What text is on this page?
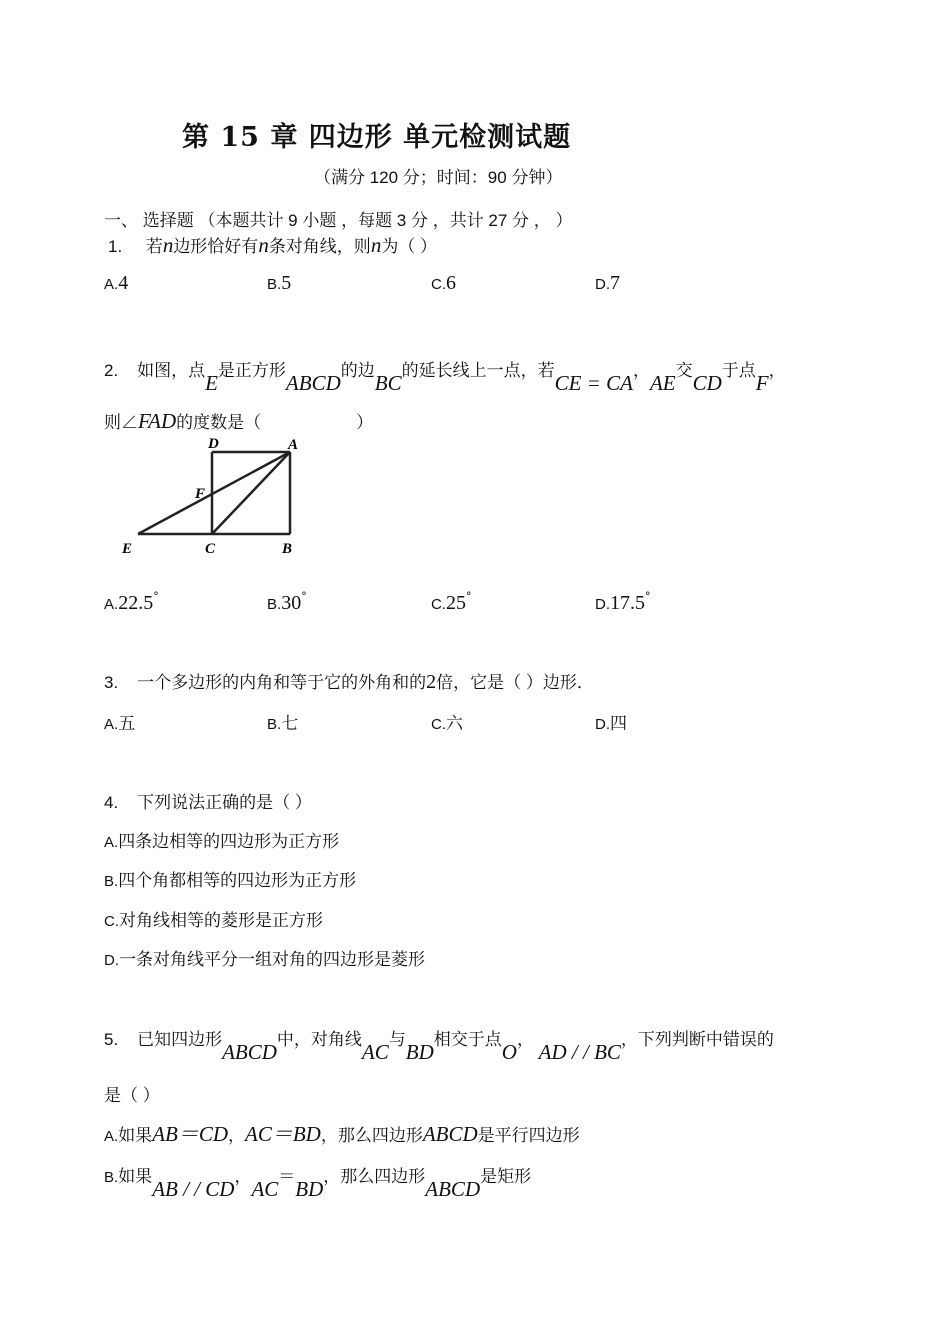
第 15 章 四边形 单元检测试题
（满分 120 分；时间：90 分钟）
一、 选择题 （本题共计 9 小题 ，每题 3 分 ，共计 27 分 ， ）
1. 若n边形恰好有n条对角线，则n为（ ）
A.4	B.5	C.6	D.7
2. 如图，点E是正方形ABCD的边BC的延长线上一点，若CE = CA，AE交CD于点F，
则∠FAD的度数是（	）
D	A
F
E	C	B
A.22.5°	B.30°	C.25°	D.17.5°
3. 一个多边形的内角和等于它的外角和的2倍，它是（ ）边形．
A.五	B.七	C.六	D.四
4. 下列说法正确的是（ ）
A.四条边相等的四边形为正方形
B.四个角都相等的四边形为正方形
C.对角线相等的菱形是正方形
D.一条对角线平分一组对角的四边形是菱形
5. 已知四边形ABCD中，对角线AC与BD相交于点O， AD / / BC，下列判断中错误的
是（ ）
A.如果AB＝CD，AC＝BD，那么四边形ABCD是平行四边形
B.如果AB / / CD，AC＝BD，那么四边形ABCD是矩形
